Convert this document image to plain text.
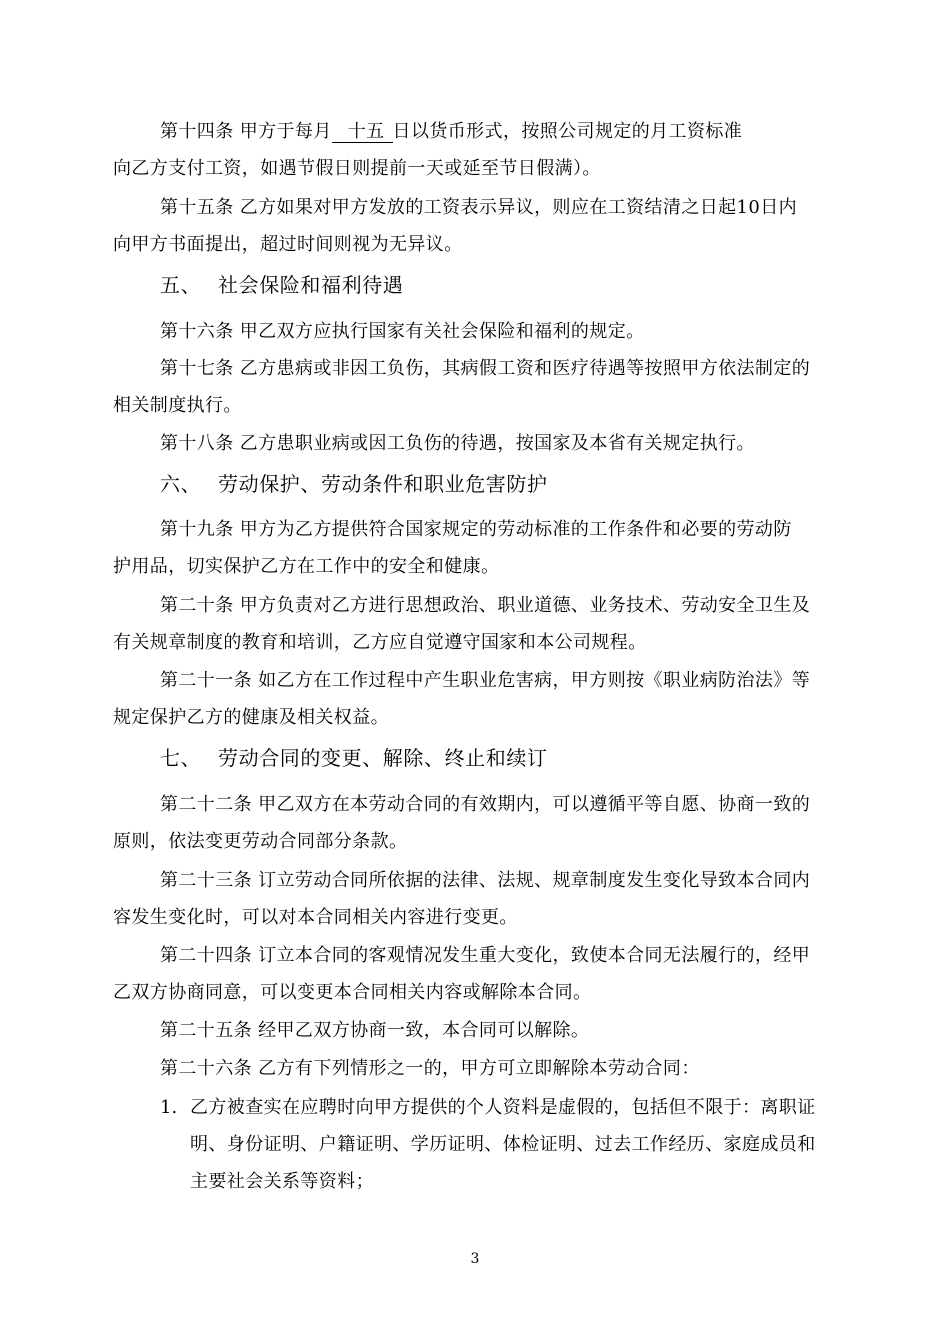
第十四条 甲方于每月 十五 日以货币形式，按照公司规定的月工资标准
向乙方支付工资，如遇节假日则提前一天或延至节日假满）。
第十五条 乙方如果对甲方发放的工资表示异议，则应在工资结清之日起10日内
向甲方书面提出，超过时间则视为无异议。
五、 社会保险和福利待遇
第十六条 甲乙双方应执行国家有关社会保险和福利的规定。
第十七条 乙方患病或非因工负伤，其病假工资和医疗待遇等按照甲方依法制定的
相关制度执行。
第十八条 乙方患职业病或因工负伤的待遇，按国家及本省有关规定执行。
六、 劳动保护、劳动条件和职业危害防护
第十九条 甲方为乙方提供符合国家规定的劳动标准的工作条件和必要的劳动防
护用品，切实保护乙方在工作中的安全和健康。
第二十条 甲方负责对乙方进行思想政治、职业道德、业务技术、劳动安全卫生及
有关规章制度的教育和培训，乙方应自觉遵守国家和本公司规程。
第二十一条 如乙方在工作过程中产生职业危害病，甲方则按《职业病防治法》等
规定保护乙方的健康及相关权益。
七、 劳动合同的变更、解除、终止和续订
第二十二条 甲乙双方在本劳动合同的有效期内，可以遵循平等自愿、协商一致的
原则，依法变更劳动合同部分条款。
第二十三条 订立劳动合同所依据的法律、法规、规章制度发生变化导致本合同内
容发生变化时，可以对本合同相关内容进行变更。
第二十四条 订立本合同的客观情况发生重大变化，致使本合同无法履行的，经甲
乙双方协商同意，可以变更本合同相关内容或解除本合同。
第二十五条 经甲乙双方协商一致，本合同可以解除。
第二十六条 乙方有下列情形之一的，甲方可立即解除本劳动合同：
1. 乙方被查实在应聘时向甲方提供的个人资料是虚假的，包括但不限于：离职证
明、身份证明、户籍证明、学历证明、体检证明、过去工作经历、家庭成员和
主要社会关系等资料；
3
